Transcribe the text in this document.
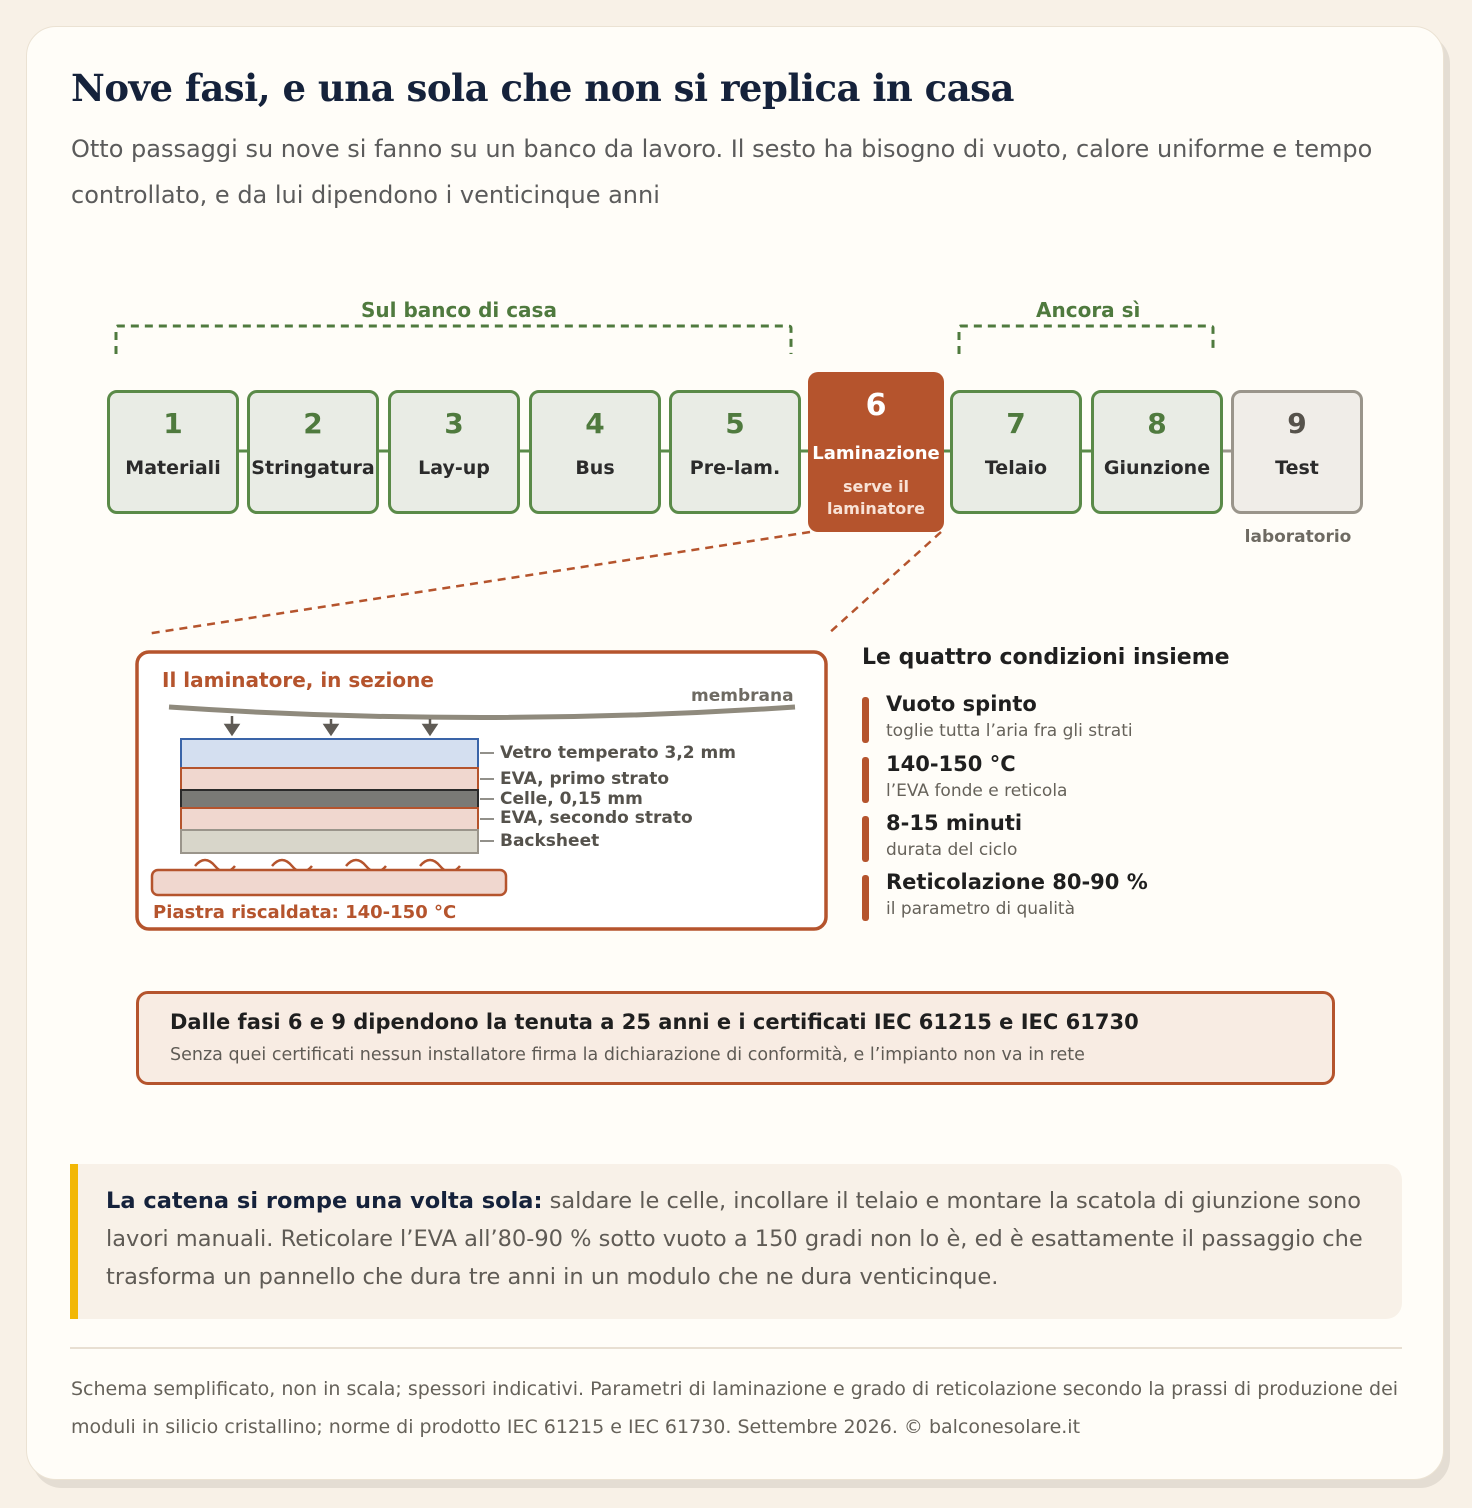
Nove fasi, e una sola che non si replica in casa

Otto passaggi su nove si fanno su un banco da lavoro. Il sesto ha bisogno di vuoto, calore uniforme e tempo controllato, e da lui dipendono i venticinque anni

Sul banco di casa	Ancora sì
1
Materiali
2
Stringatura
3
Lay-up
4
Bus
5
Pre-lam.
6
Laminazione
serve il laminatore
7
Telaio
8
Giunzione
9
Test
laboratorio
Il laminatore, in sezione
membrana
Vetro temperato 3,2 mm
EVA, primo strato
Celle, 0,15 mm
EVA, secondo strato
Backsheet
Piastra riscaldata: 140-150 °C
Le quattro condizioni insieme
Vuoto spinto
toglie tutta l’aria fra gli strati
140-150 °C
l’EVA fonde e reticola
8-15 minuti
durata del ciclo
Reticolazione 80-90 %
il parametro di qualità
Dalle fasi 6 e 9 dipendono la tenuta a 25 anni e i certificati IEC 61215 e IEC 61730
Senza quei certificati nessun installatore firma la dichiarazione di conformità, e l’impianto non va in rete
La catena si rompe una volta sola: saldare le celle, incollare il telaio e montare la scatola di giunzione sono lavori manuali. Reticolare l’EVA all’80-90 % sotto vuoto a 150 gradi non lo è, ed è esattamente il passaggio che trasforma un pannello che dura tre anni in un modulo che ne dura venticinque.
Schema semplificato, non in scala; spessori indicativi. Parametri di laminazione e grado di reticolazione secondo la prassi di produzione dei moduli in silicio cristallino; norme di prodotto IEC 61215 e IEC 61730. Settembre 2026. © balconesolare.it
